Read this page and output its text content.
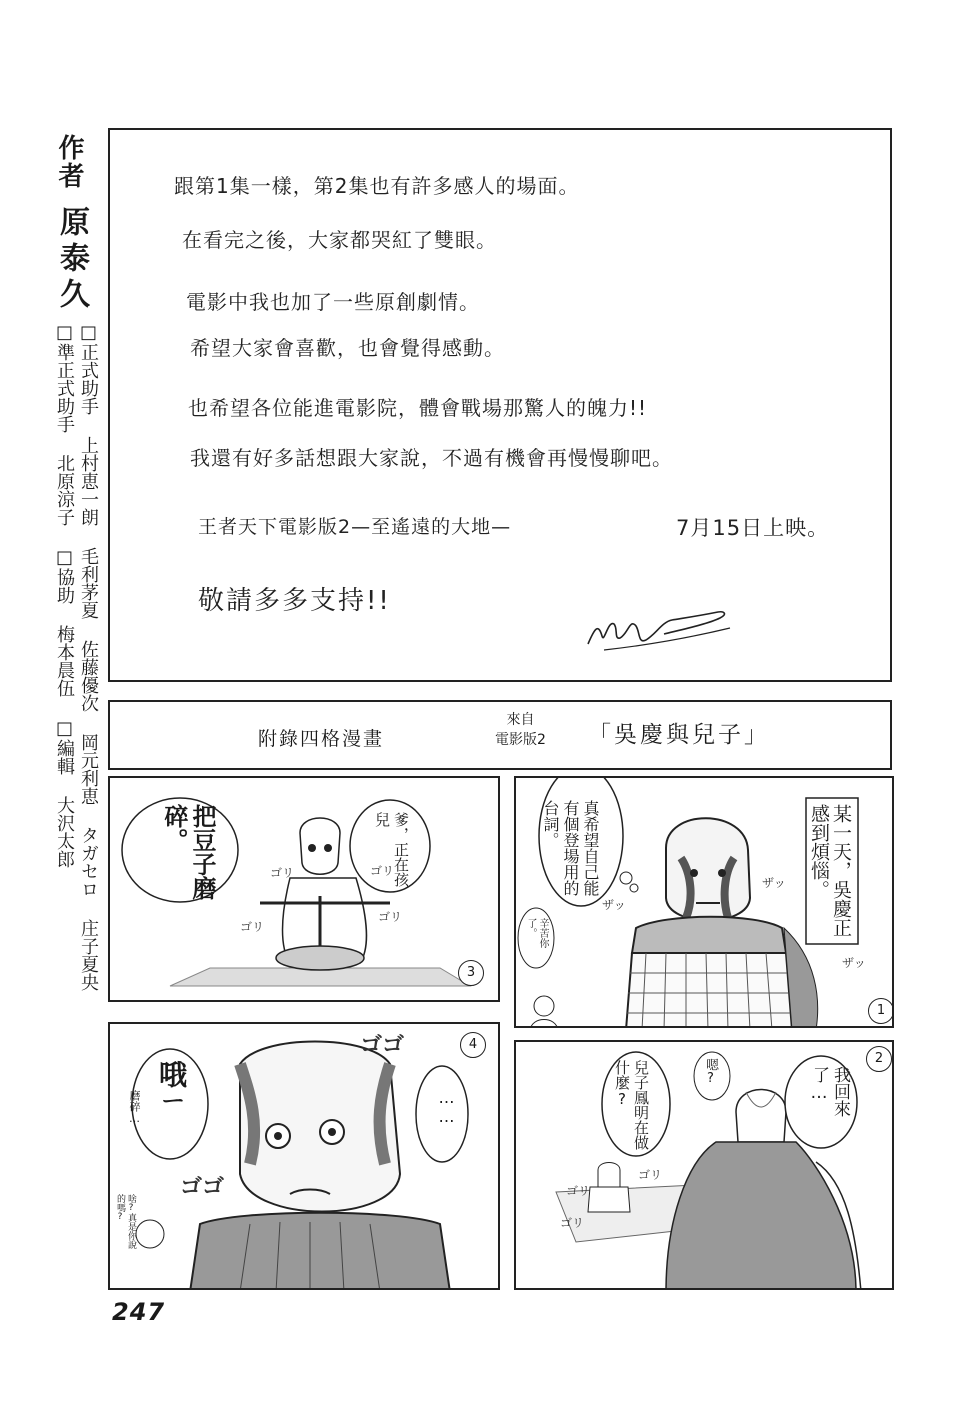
作者
原泰久
□正式助手 上村恵一朗 毛利茅夏 佐藤優次 岡元利恵 タガセロ 庄子夏央
□準正式助手 北原涼子 □協助 梅本晨伍 □編輯 大沢太郎
跟第1集一樣，第2集也有許多感人的場面。
在看完之後，大家都哭紅了雙眼。
電影中我也加了一些原創劇情。
希望大家會喜歡，也會覺得感動。
也希望各位能進電影院，體會戰場那驚人的魄力!!
我還有好多話想跟大家說，不過有機會再慢慢聊吧。
王者天下電影版2—至遙遠的大地—	7月15日上映。
敬請多多支持!!
附錄四格漫畫
來自
電影版2 「吳慶與兒子」
某一天，吳慶正感到煩惱。
真希望自己能有個登場用的台詞。
辛苦你了。
ザッ
ザッ
ザッ
1
把豆子磨碎。	爹，正在孩兒
ゴリ	ゴリ
ゴリ
ゴリ
3
我回來了…
嗯?
兒子鳳明在做什麼?
ゴリ
ゴリ
ゴリ
2
哦ㄧ
磨碎…	……
啥?真是你說的嗎?
ゴゴ
ゴゴ
4
247
